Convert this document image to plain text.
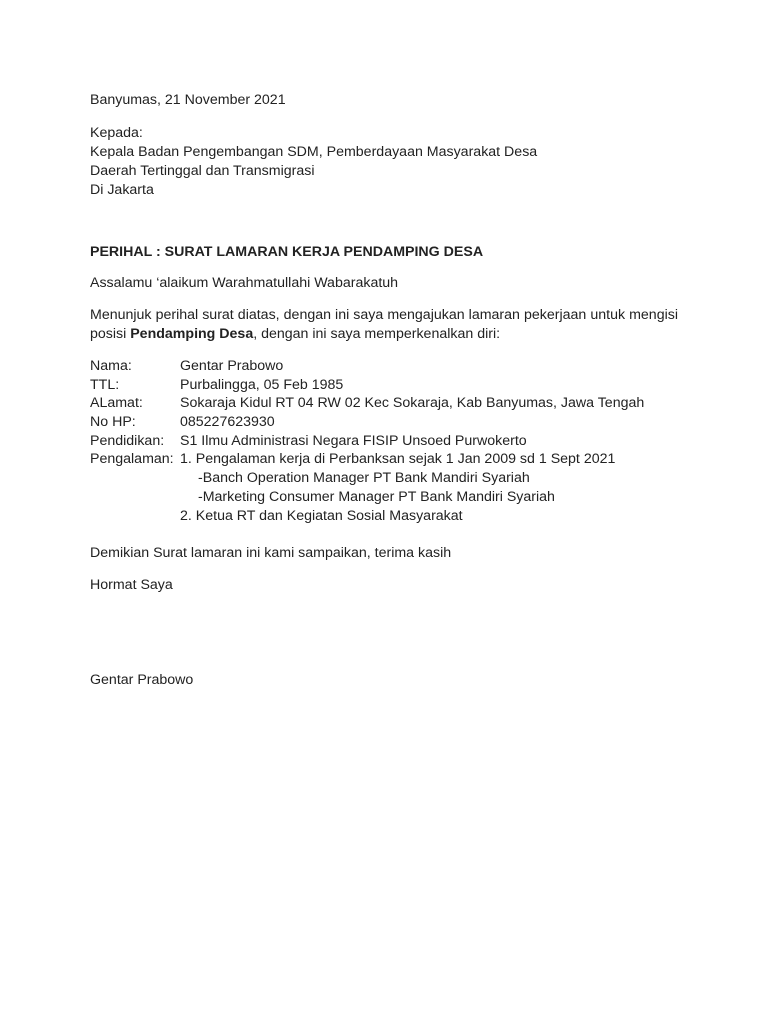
Banyumas, 21 November 2021
Kepada:
Kepala Badan Pengembangan SDM, Pemberdayaan Masyarakat Desa
Daerah Tertinggal dan Transmigrasi
Di Jakarta
PERIHAL : SURAT LAMARAN KERJA PENDAMPING DESA
Assalamu ‘alaikum Warahmatullahi Wabarakatuh
Menunjuk perihal surat diatas, dengan ini saya mengajukan lamaran pekerjaan untuk mengisi posisi Pendamping Desa, dengan ini saya memperkenalkan diri:
Nama:	Gentar Prabowo
TTL:	Purbalingga, 05 Feb 1985
ALamat:	Sokaraja Kidul RT 04 RW 02 Kec Sokaraja, Kab Banyumas, Jawa Tengah
No HP:	085227623930
Pendidikan:	S1 Ilmu Administrasi Negara FISIP Unsoed Purwokerto
Pengalaman: 1. Pengalaman kerja di Perbanksan sejak 1 Jan 2009 sd 1 Sept 2021
-Banch Operation Manager PT Bank Mandiri Syariah
-Marketing Consumer Manager PT Bank Mandiri Syariah
2. Ketua RT dan Kegiatan Sosial Masyarakat
Demikian Surat lamaran ini kami sampaikan, terima kasih
Hormat Saya
Gentar Prabowo
